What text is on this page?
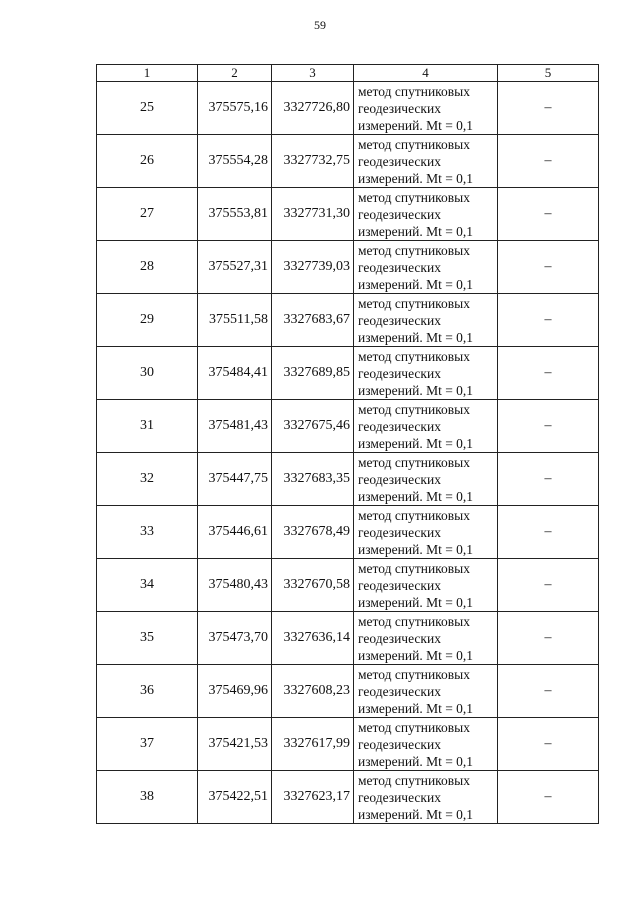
59
1	2	3	4	5
25	375575,16	3327726,80	метод спутниковых
геодезических
измерений. Mt = 0,1	–
26	375554,28	3327732,75	метод спутниковых
геодезических
измерений. Mt = 0,1	–
27	375553,81	3327731,30	метод спутниковых
геодезических
измерений. Mt = 0,1	–
28	375527,31	3327739,03	метод спутниковых
геодезических
измерений. Mt = 0,1	–
29	375511,58	3327683,67	метод спутниковых
геодезических
измерений. Mt = 0,1	–
30	375484,41	3327689,85	метод спутниковых
геодезических
измерений. Mt = 0,1	–
31	375481,43	3327675,46	метод спутниковых
геодезических
измерений. Mt = 0,1	–
32	375447,75	3327683,35	метод спутниковых
геодезических
измерений. Mt = 0,1	–
33	375446,61	3327678,49	метод спутниковых
геодезических
измерений. Mt = 0,1	–
34	375480,43	3327670,58	метод спутниковых
геодезических
измерений. Mt = 0,1	–
35	375473,70	3327636,14	метод спутниковых
геодезических
измерений. Mt = 0,1	–
36	375469,96	3327608,23	метод спутниковых
геодезических
измерений. Mt = 0,1	–
37	375421,53	3327617,99	метод спутниковых
геодезических
измерений. Mt = 0,1	–
38	375422,51	3327623,17	метод спутниковых
геодезических
измерений. Mt = 0,1	–
